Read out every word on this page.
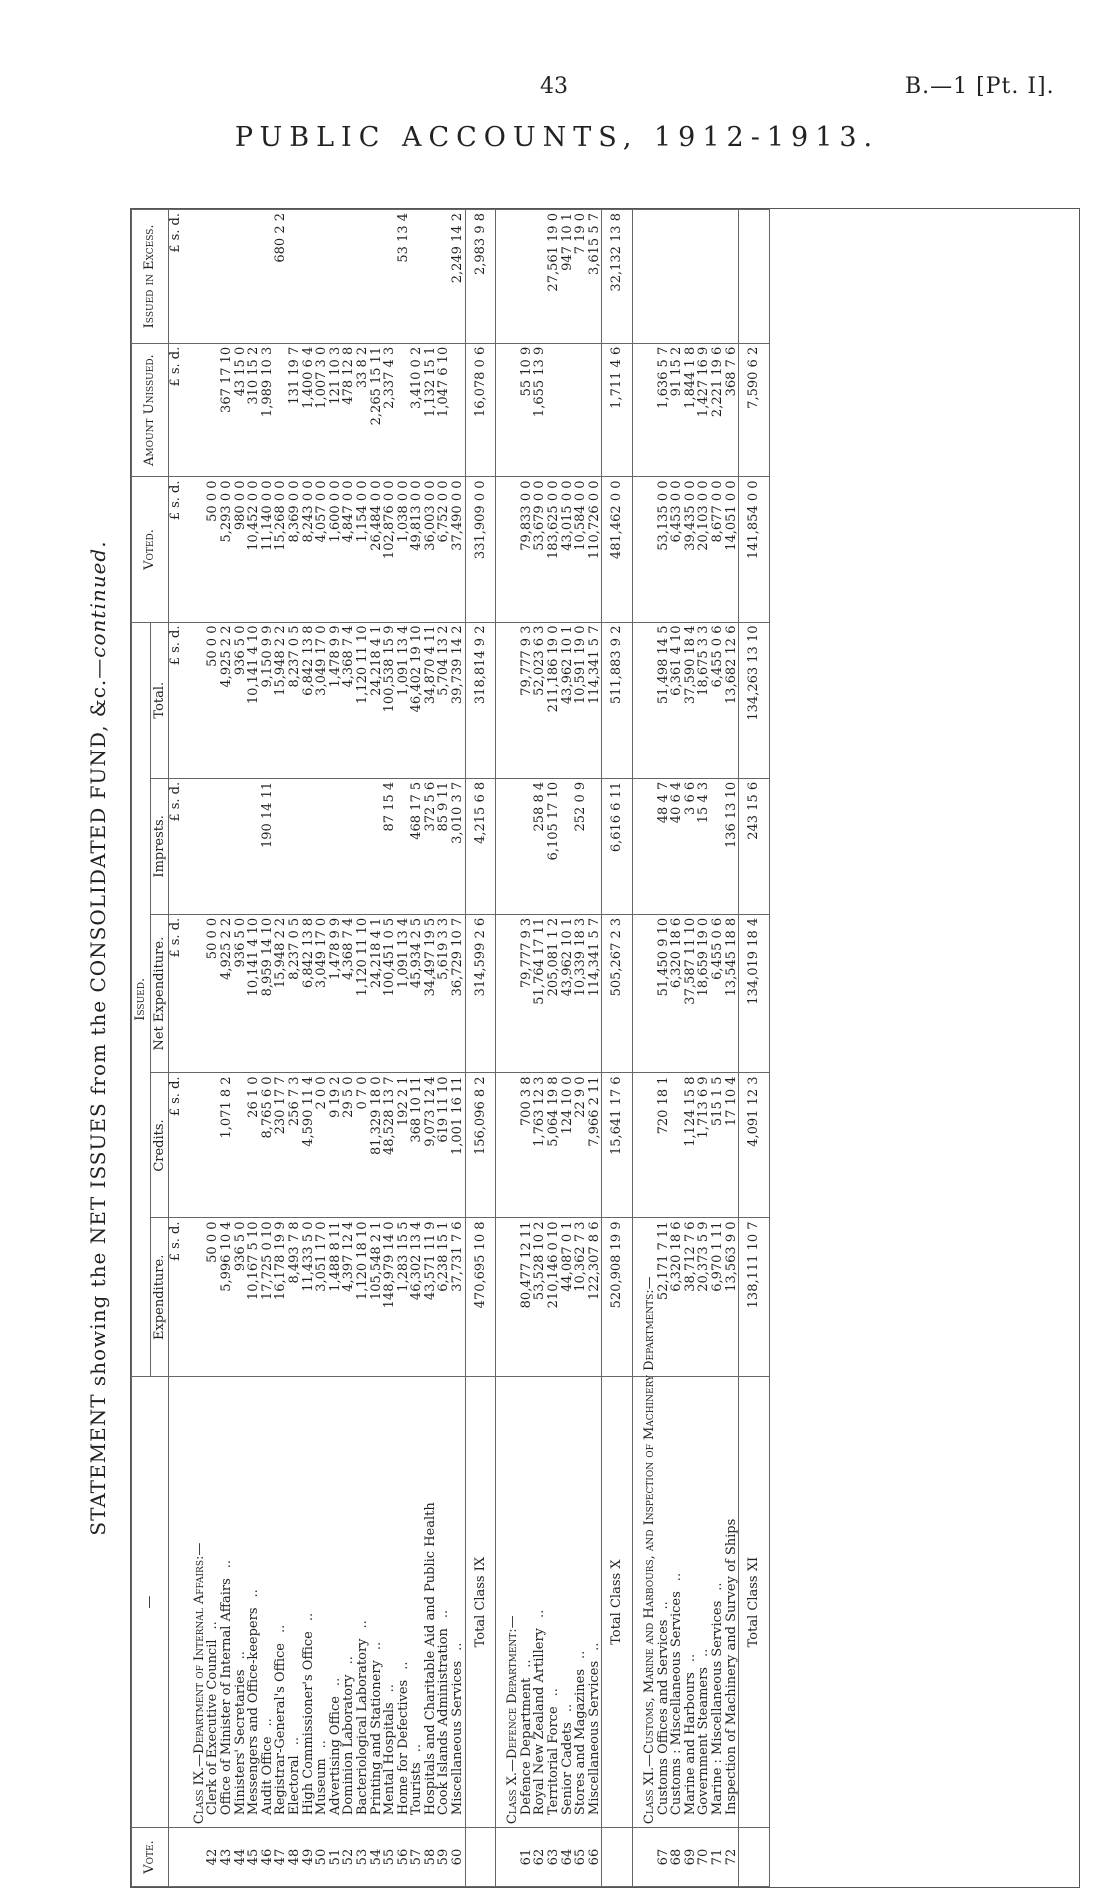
43	B.—1 [Pt. I].
PUBLIC ACCOUNTS, 1912-1913.
STATEMENT showing the NET ISSUES from the CONSOLIDATED FUND, &c.—continued.
Vote.	—	Issued.					Voted.	Amount Unissued.	Issued in Excess.
		Expenditure.	Credits.	Net Expenditure.	Imprests.	Total.			
		£ s. d.	£ s. d.	£ s. d.	£ s. d.	£ s. d.	£ s. d.	£ s. d.	£ s. d.
	Class IX.—Department of Internal Affairs:—								
42	Clerk of Executive Council..	50 0 0		50 0 0		50 0 0	50 0 0		
43	Office of Minister of Internal Affairs..	5,996 10 4	1,071 8 2	4,925 2 2		4,925 2 2	5,293 0 0	367 17 10	
44	Ministers' Secretaries..	936 5 0		936 5 0		936 5 0	980 0 0	43 15 0	
45	Messengers and Office-keepers..	10,167 5 10	26 1 0	10,141 4 10		10,141 4 10	10,452 0 0	310 15 2	
46	Audit Office..	17,725 0 10	8,765 6 0	8,959 14 10	190 14 11	9,150 9 9	11,140 0 0	1,989 10 3	
47	Registrar-General's Office..	16,178 19 9	230 17 7	15,948 2 2		15,948 2 2	15,268 0 0		680 2 2
48	Electoral..	8,493 7 8	256 7 3	8,237 0 5		8,237 0 5	8,369 0 0	131 19 7	
49	High Commissioner's Office..	11,433 5 0	4,590 11 4	6,842 13 8		6,842 13 8	8,243 0 0	1,400 6 4	
50	Museum..	3,051 17 0	2 0 0	3,049 17 0		3,049 17 0	4,057 0 0	1,007 3 0	
51	Advertising Office..	1,488 8 11	9 19 2	1,478 9 9		1,478 9 9	1,600 0 0	121 10 3	
52	Dominion Laboratory..	4,397 12 4	29 5 0	4,368 7 4		4,368 7 4	4,847 0 0	478 12 8	
53	Bacteriological Laboratory..	1,120 18 10	0 7 0	1,120 11 10		1,120 11 10	1,154 0 0	33 8 2	
54	Printing and Stationery..	105,548 2 1	81,329 18 0	24,218 4 1		24,218 4 1	26,484 0 0	2,265 15 11	
55	Mental Hospitals..	148,979 14 0	48,528 13 7	100,451 0 5	87 15 4	100,538 15 9	102,876 0 0	2,337 4 3	
56	Home for Defectives..	1,283 15 5	192 2 1	1,091 13 4		1,091 13 4	1,038 0 0		53 13 4
57	Tourists..	46,302 13 4	368 10 11	45,934 2 5	468 17 5	46,402 19 10	49,813 0 0	3,410 0 2	
58	Hospitals and Charitable Aid and Public Health	43,571 11 9	9,073 12 4	34,497 19 5	372 5 6	34,870 4 11	36,003 0 0	1,132 15 1	
59	Cook Islands Administration..	6,238 15 1	619 11 10	5,619 3 3	85 9 11	5,704 13 2	6,752 0 0	1,047 6 10	
60	Miscellaneous Services..	37,731 7 6	1,001 16 11	36,729 10 7	3,010 3 7	39,739 14 2	37,490 0 0		2,249 14 2
	Total Class IX	470,695 10 8	156,096 8 2	314,599 2 6	4,215 6 8	318,814 9 2	331,909 0 0	16,078 0 6	2,983 9 8
	Class X.—Defence Department:—								
61	Defence Department..	80,477 12 11	700 3 8	79,777 9 3		79,777 9 3	79,833 0 0	55 10 9	
62	Royal New Zealand Artillery..	53,528 10 2	1,763 12 3	51,764 17 11	258 8 4	52,023 6 3	53,679 0 0	1,655 13 9	
63	Territorial Force..	210,146 0 10	5,064 19 8	205,081 1 2	6,105 17 10	211,186 19 0	183,625 0 0		27,561 19 0
64	Senior Cadets..	44,087 0 1	124 10 0	43,962 10 1		43,962 10 1	43,015 0 0		947 10 1
65	Stores and Magazines..	10,362 7 3	22 9 0	10,339 18 3	252 0 9	10,591 19 0	10,584 0 0		7 19 0
66	Miscellaneous Services..	122,307 8 6	7,966 2 11	114,341 5 7		114,341 5 7	110,726 0 0		3,615 5 7
	Total Class X	520,908 19 9	15,641 17 6	505,267 2 3	6,616 6 11	511,883 9 2	481,462 0 0	1,711 4 6	32,132 13 8
	Class XI.—Customs, Marine and Harbours, and Inspection of Machinery Departments:—								
67	Customs Offices and Services..	52,171 7 11	720 18 1	51,450 9 10	48 4 7	51,498 14 5	53,135 0 0	1,636 5 7	
68	Customs : Miscellaneous Services..	6,320 18 6		6,320 18 6	40 6 4	6,361 4 10	6,453 0 0	91 15 2	
69	Marine and Harbours..	38,712 7 6	1,124 15 8	37,587 11 10	3 6 6	37,590 18 4	39,435 0 0	1,844 1 8	
70	Government Steamers..	20,373 5 9	1,713 6 9	18,659 19 0	15 4 3	18,675 3 3	20,103 0 0	1,427 16 9	
71	Marine : Miscellaneous Services..	6,970 1 11	515 1 5	6,455 0 6		6,455 0 6	8,677 0 0	2,221 19 6	
72	Inspection of Machinery and Survey of Ships	13,563 9 0	17 10 4	13,545 18 8	136 13 10	13,682 12 6	14,051 0 0	368 7 6	
	Total Class XI	138,111 10 7	4,091 12 3	134,019 18 4	243 15 6	134,263 13 10	141,854 0 0	7,590 6 2	
